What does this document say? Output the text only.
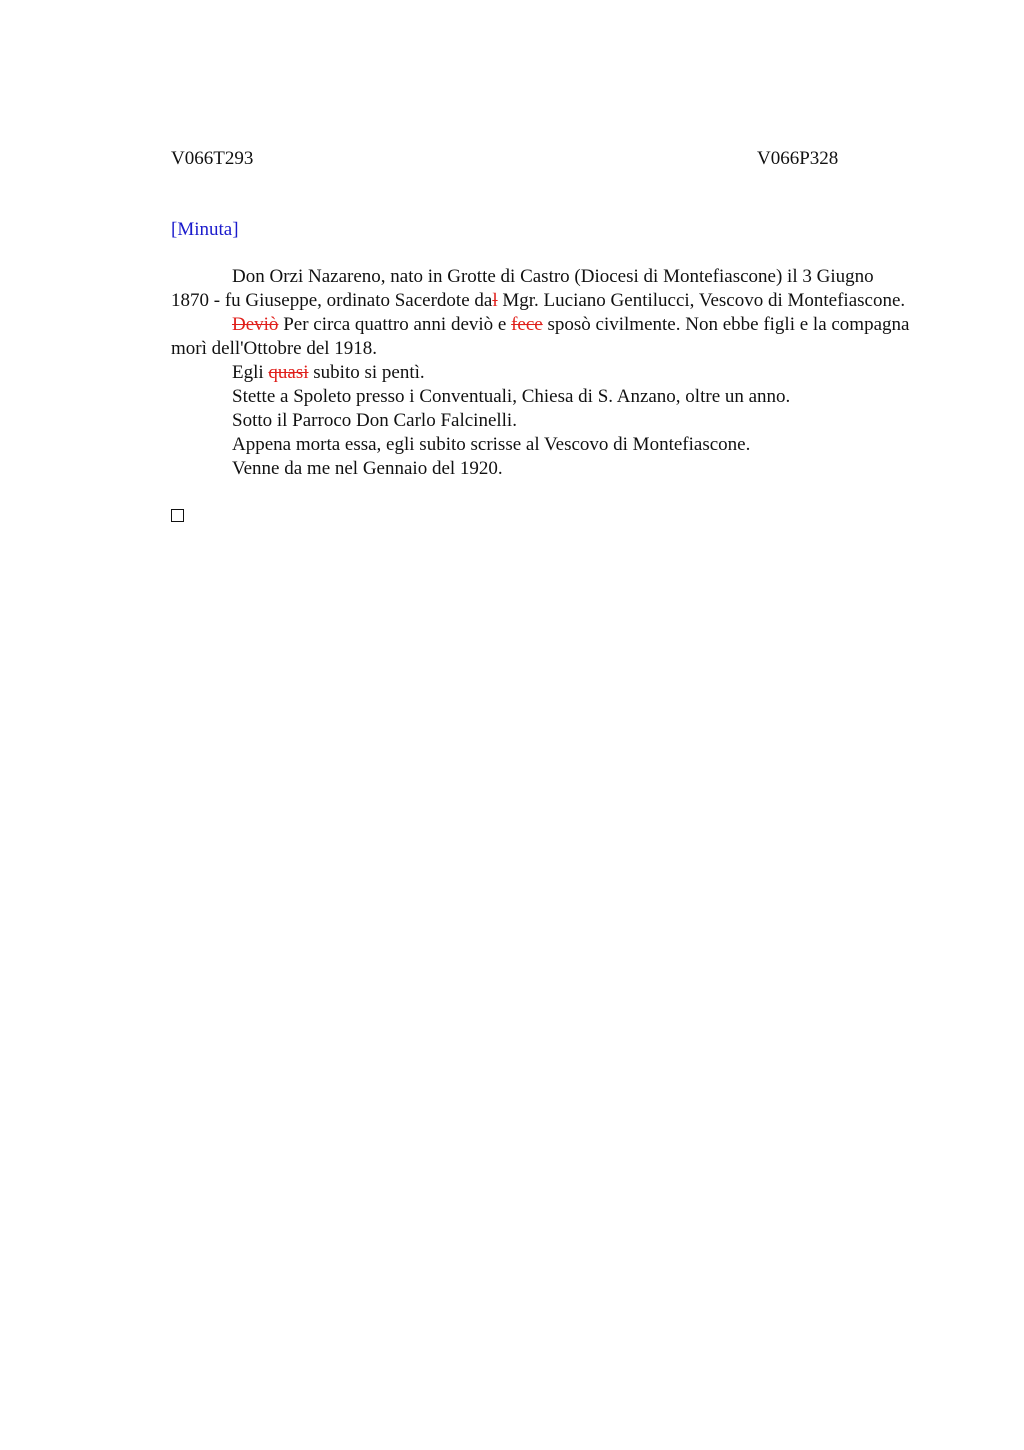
V066T293	V066P328
[Minuta]

Don Orzi Nazareno, nato in Grotte di Castro (Diocesi di Montefiascone) il 3 Giugno 1870 - fu Giuseppe, ordinato Sacerdote dal Mgr. Luciano Gentilucci, Vescovo di Montefiascone.

Deviò Per circa quattro anni deviò e fece sposò civilmente. Non ebbe figli e la compagna morì dell'Ottobre del 1918.

Egli quasi subito si pentì.

Stette a Spoleto presso i Conventuali, Chiesa di S. Anzano, oltre un anno.

Sotto il Parroco Don Carlo Falcinelli.

Appena morta essa, egli subito scrisse al Vescovo di Montefiascone.

Venne da me nel Gennaio del 1920.
